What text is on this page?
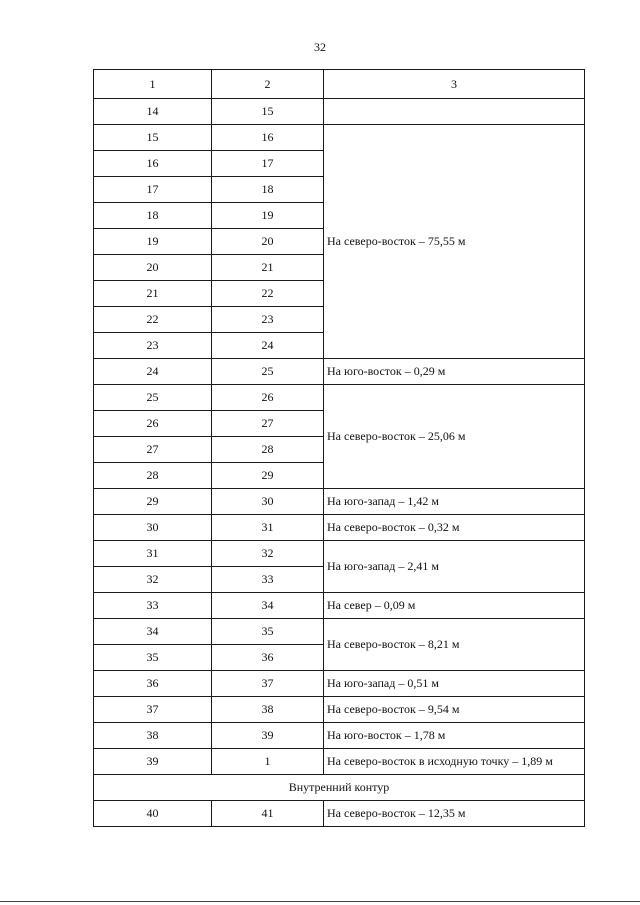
32
1	2	3
14	15	
15	16	На северо-восток – 75,55 м
16	17	
17	18	
18	19	
19	20	
20	21	
21	22	
22	23	
23	24	
24	25	На юго-восток – 0,29 м
25	26	На северо-восток – 25,06 м
26	27	
27	28	
28	29	
29	30	На юго-запад – 1,42 м
30	31	На северо-восток – 0,32 м
31	32	На юго-запад – 2,41 м
32	33	
33	34	На север – 0,09 м
34	35	На северо-восток – 8,21 м
35	36	
36	37	На юго-запад – 0,51 м
37	38	На северо-восток – 9,54 м
38	39	На юго-восток – 1,78 м
39	1	На северо-восток в исходную точку – 1,89 м
Внутренний контур		
40	41	На северо-восток – 12,35 м
